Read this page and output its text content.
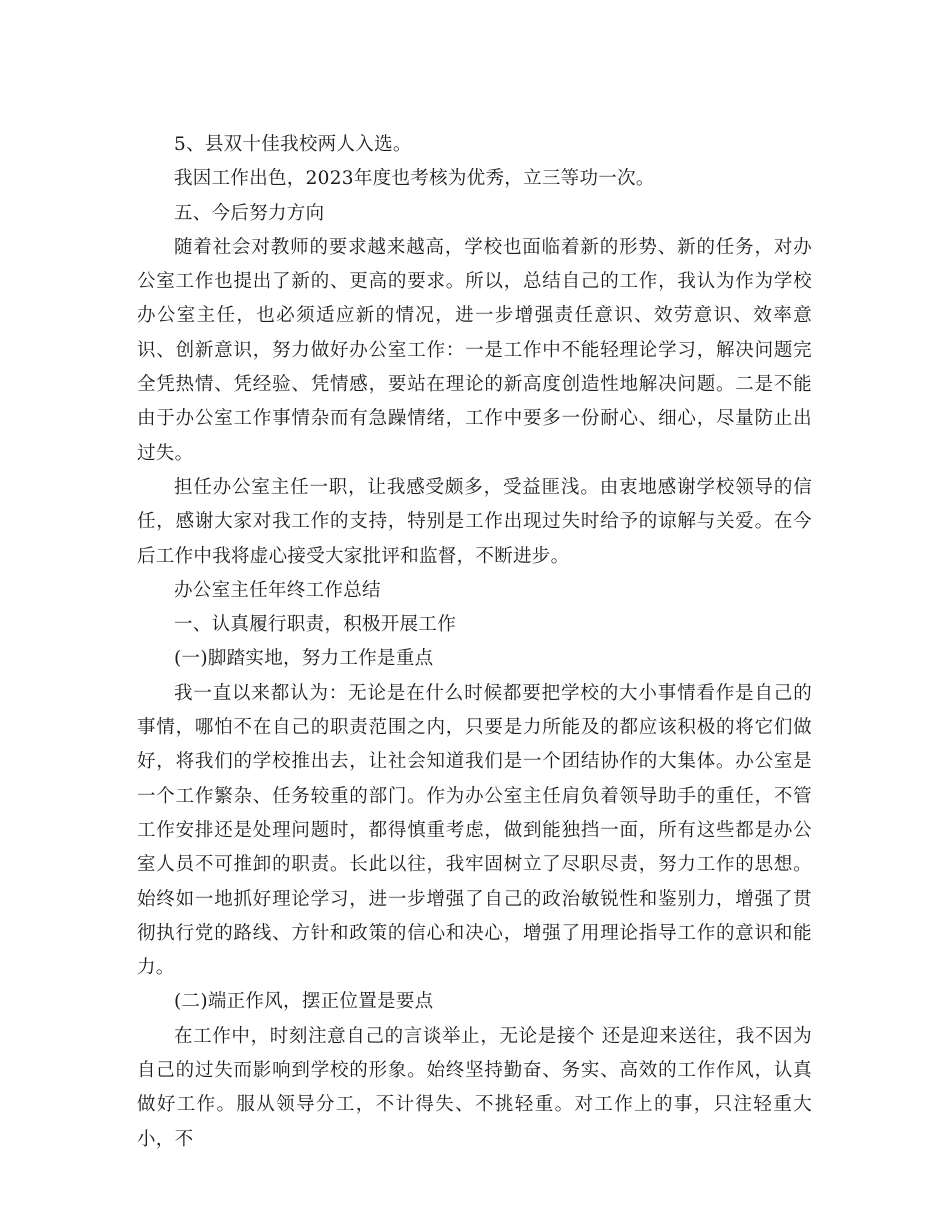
5、县双十佳我校两人入选。

我因工作出色，2023年度也考核为优秀，立三等功一次。

五、今后努力方向

随着社会对教师的要求越来越高，学校也面临着新的形势、新的任务，对办公室工作也提出了新的、更高的要求。所以，总结自己的工作，我认为作为学校办公室主任，也必须适应新的情况，进一步增强责任意识、效劳意识、效率意识、创新意识，努力做好办公室工作：一是工作中不能轻理论学习，解决问题完全凭热情、凭经验、凭情感，要站在理论的新高度创造性地解决问题。二是不能由于办公室工作事情杂而有急躁情绪，工作中要多一份耐心、细心，尽量防止出过失。

担任办公室主任一职，让我感受颇多，受益匪浅。由衷地感谢学校领导的信任，感谢大家对我工作的支持，特别是工作出现过失时给予的谅解与关爱。在今后工作中我将虚心接受大家批评和监督，不断进步。

办公室主任年终工作总结

一、认真履行职责，积极开展工作

(一)脚踏实地，努力工作是重点

我一直以来都认为：无论是在什么时候都要把学校的大小事情看作是自己的事情，哪怕不在自己的职责范围之内，只要是力所能及的都应该积极的将它们做好，将我们的学校推出去，让社会知道我们是一个团结协作的大集体。办公室是一个工作繁杂、任务较重的部门。作为办公室主任肩负着领导助手的重任，不管工作安排还是处理问题时，都得慎重考虑，做到能独挡一面，所有这些都是办公室人员不可推卸的职责。长此以往，我牢固树立了尽职尽责，努力工作的思想。始终如一地抓好理论学习，进一步增强了自己的政治敏锐性和鉴别力，增强了贯彻执行党的路线、方针和政策的信心和决心，增强了用理论指导工作的意识和能力。

(二)端正作风，摆正位置是要点

在工作中，时刻注意自己的言谈举止，无论是接个 还是迎来送往，我不因为自己的过失而影响到学校的形象。始终坚持勤奋、务实、高效的工作作风，认真做好工作。服从领导分工，不计得失、不挑轻重。对工作上的事，只注轻重大小，不
